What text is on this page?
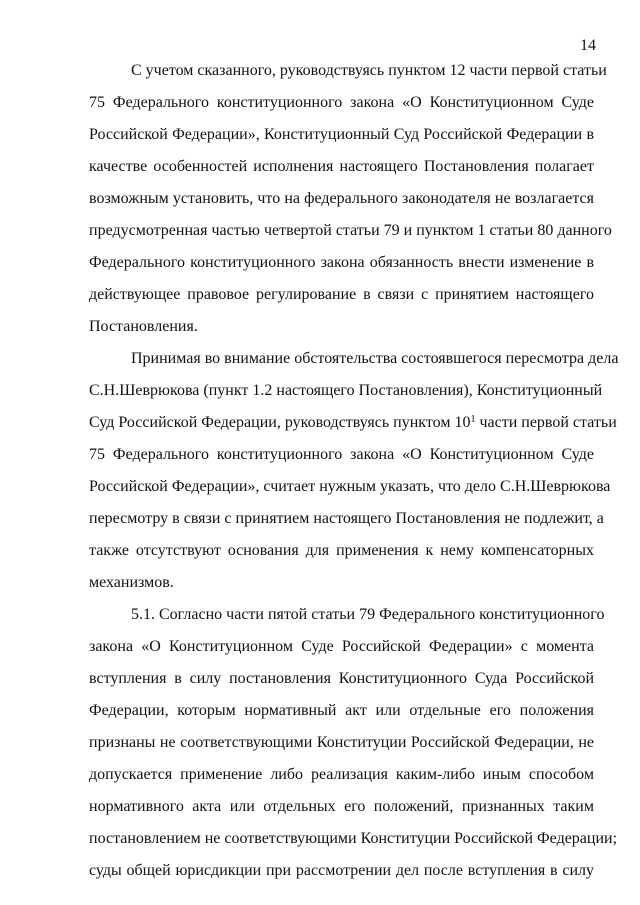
14
С учетом сказанного, руководствуясь пунктом 12 части первой статьи
75 Федерального конституционного закона «О Конституционном Суде
Российской Федерации», Конституционный Суд Российской Федерации в
качестве особенностей исполнения настоящего Постановления полагает
возможным установить, что на федерального законодателя не возлагается
предусмотренная частью четвертой статьи 79 и пунктом 1 статьи 80 данного
Федерального конституционного закона обязанность внести изменение в
действующее правовое регулирование в связи с принятием настоящего
Постановления.
Принимая во внимание обстоятельства состоявшегося пересмотра дела
С.Н.Шеврюкова (пункт 1.2 настоящего Постановления), Конституционный
Суд Российской Федерации, руководствуясь пунктом $10^1$ части первой статьи
75 Федерального конституционного закона «О Конституционном Суде
Российской Федерации», считает нужным указать, что дело С.Н.Шеврюкова
пересмотру в связи с принятием настоящего Постановления не подлежит, а
также отсутствуют основания для применения к нему компенсаторных
механизмов.
5.1. Согласно части пятой статьи 79 Федерального конституционного
закона «О Конституционном Суде Российской Федерации» с момента
вступления в силу постановления Конституционного Суда Российской
Федерации, которым нормативный акт или отдельные его положения
признаны не соответствующими Конституции Российской Федерации, не
допускается применение либо реализация каким-либо иным способом
нормативного акта или отдельных его положений, признанных таким
постановлением не соответствующими Конституции Российской Федерации;
суды общей юрисдикции при рассмотрении дел после вступления в силу
